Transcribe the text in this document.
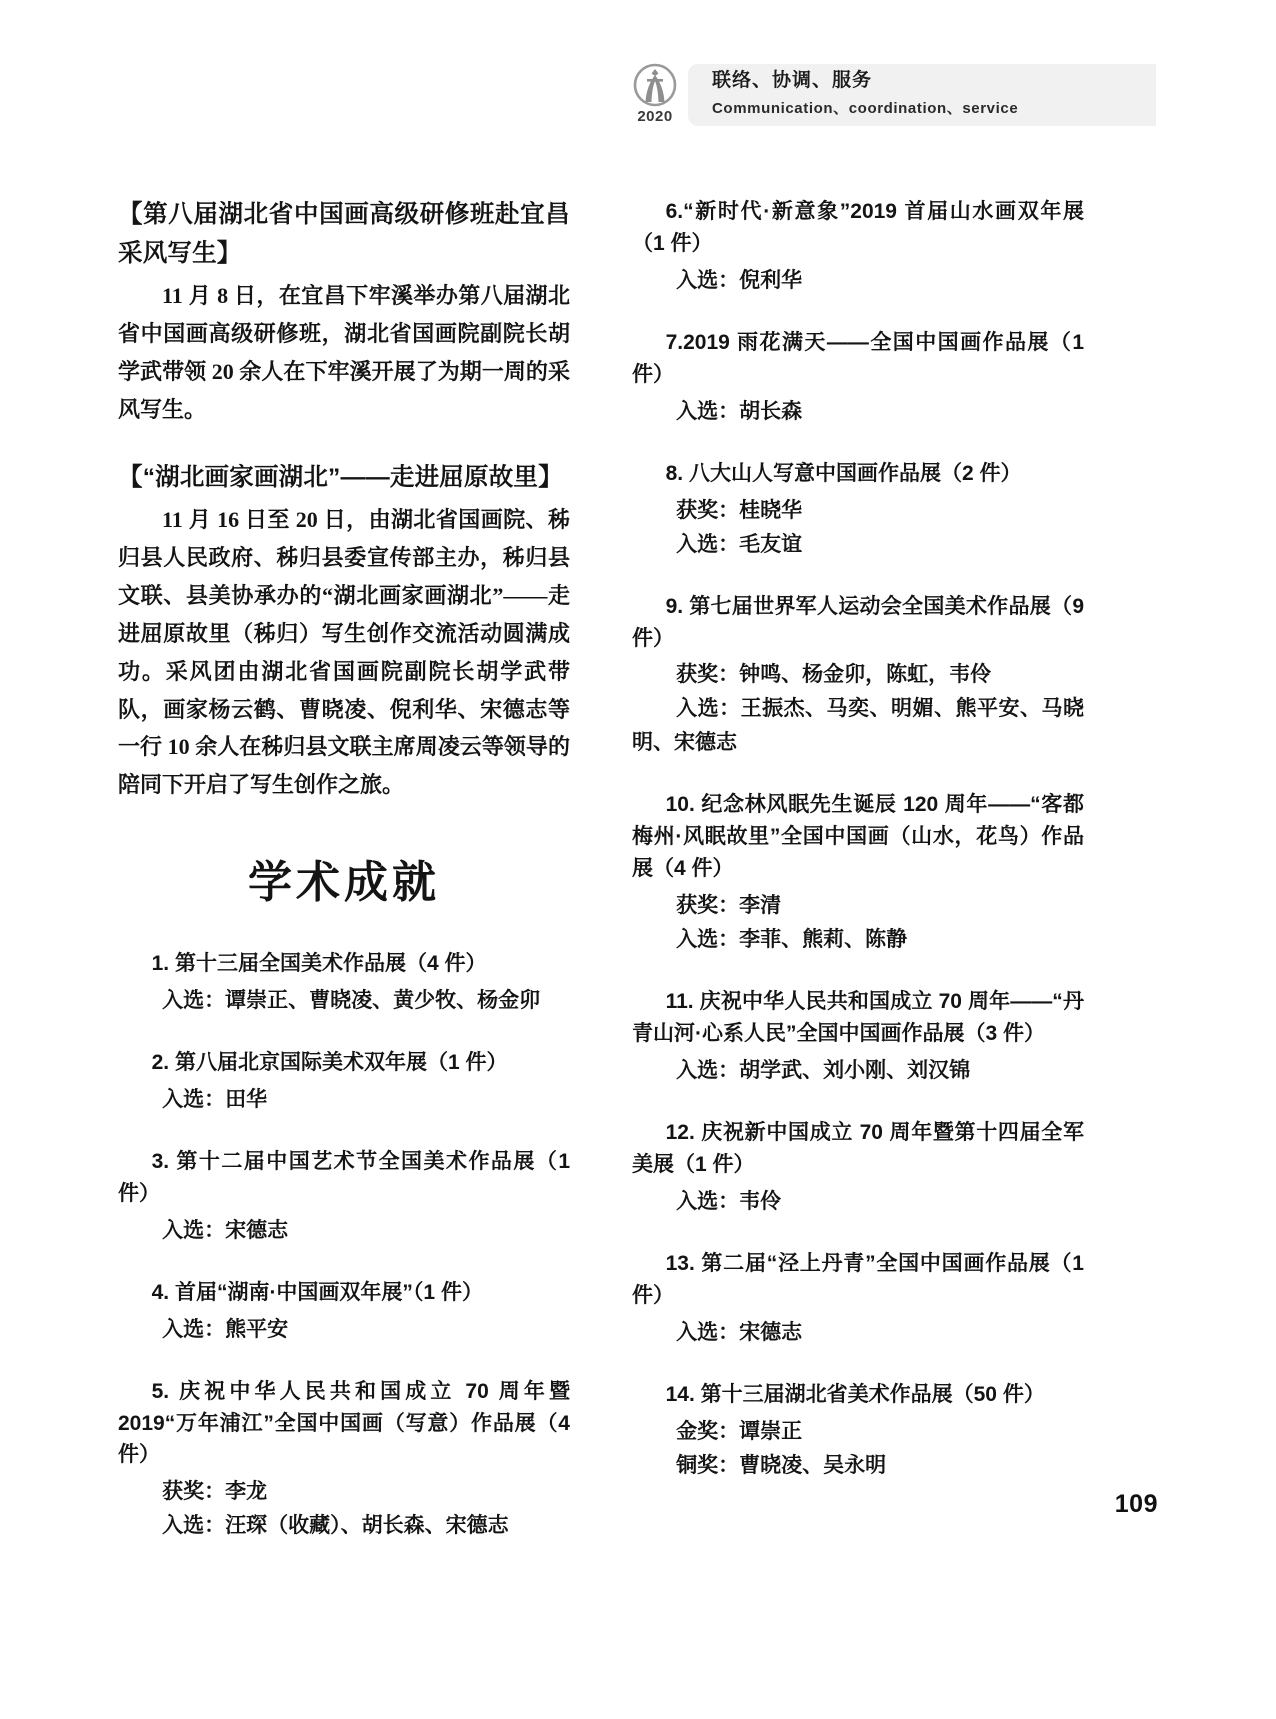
2020
联络、协调、服务
Communication、coordination、service

【第八届湖北省中国画高级研修班赴宜昌采风写生】

11 月 8 日，在宜昌下牢溪举办第八届湖北省中国画高级研修班，湖北省国画院副院长胡学武带领 20 余人在下牢溪开展了为期一周的采风写生。

【“湖北画家画湖北”——走进屈原故里】

11 月 16 日至 20 日，由湖北省国画院、秭归县人民政府、秭归县委宣传部主办，秭归县文联、县美协承办的“湖北画家画湖北”——走进屈原故里（秭归）写生创作交流活动圆满成功。采风团由湖北省国画院副院长胡学武带队，画家杨云鹤、曹晓凌、倪利华、宋德志等一行 10 余人在秭归县文联主席周凌云等领导的陪同下开启了写生创作之旅。

学术成就

1. 第十三届全国美术作品展（4 件）

入选：谭崇正、曹晓凌、黄少牧、杨金卯

2. 第八届北京国际美术双年展（1 件）

入选：田华

3. 第十二届中国艺术节全国美术作品展（1 件）

入选：宋德志

4. 首届“湖南·中国画双年展”（1 件）

入选：熊平安

5. 庆祝中华人民共和国成立 70 周年暨 2019“万年浦江”全国中国画（写意）作品展（4 件）

获奖：李龙

入选：汪琛（收藏）、胡长森、宋德志

6.“新时代·新意象”2019 首届山水画双年展（1 件）

入选：倪利华

7.2019 雨花满天——全国中国画作品展（1 件）

入选：胡长森

8. 八大山人写意中国画作品展（2 件）

获奖：桂晓华

入选：毛友谊

9. 第七届世界军人运动会全国美术作品展（9 件）

获奖：钟鸣、杨金卯，陈虹，韦伶

入选：王振杰、马奕、明媚、熊平安、马晓明、宋德志

10. 纪念林风眠先生诞辰 120 周年——“客都梅州·风眠故里”全国中国画（山水，花鸟）作品展（4 件）

获奖：李清

入选：李菲、熊莉、陈静

11. 庆祝中华人民共和国成立 70 周年——“丹青山河·心系人民”全国中国画作品展（3 件）

入选：胡学武、刘小刚、刘汉锦

12. 庆祝新中国成立 70 周年暨第十四届全军美展（1 件）

入选：韦伶

13. 第二届“泾上丹青”全国中国画作品展（1 件）

入选：宋德志

14. 第十三届湖北省美术作品展（50 件）

金奖：谭崇正

铜奖：曹晓凌、吴永明

109
